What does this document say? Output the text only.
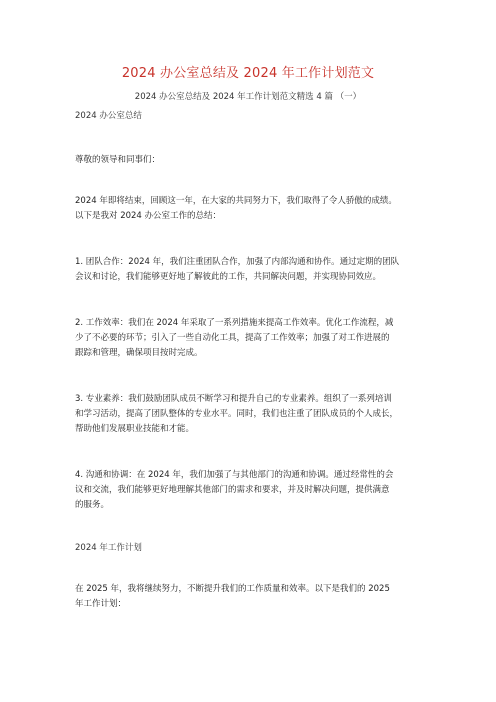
2024 办公室总结及 2024 年工作计划范文
2024 办公室总结及 2024 年工作计划范文精选 4 篇 （一）
2024 办公室总结
尊敬的领导和同事们：
2024 年即将结束，回顾这一年，在大家的共同努力下，我们取得了令人骄傲的成绩。
以下是我对 2024 办公室工作的总结：
1. 团队合作：2024 年，我们注重团队合作，加强了内部沟通和协作。通过定期的团队
会议和讨论，我们能够更好地了解彼此的工作，共同解决问题，并实现协同效应。
2. 工作效率：我们在 2024 年采取了一系列措施来提高工作效率。优化工作流程，减
少了不必要的环节；引入了一些自动化工具，提高了工作效率；加强了对工作进展的
跟踪和管理，确保项目按时完成。
3. 专业素养：我们鼓励团队成员不断学习和提升自己的专业素养。组织了一系列培训
和学习活动，提高了团队整体的专业水平。同时，我们也注重了团队成员的个人成长，
帮助他们发展职业技能和才能。
4. 沟通和协调：在 2024 年，我们加强了与其他部门的沟通和协调。通过经常性的会
议和交流，我们能够更好地理解其他部门的需求和要求，并及时解决问题，提供满意
的服务。
2024 年工作计划
在 2025 年，我将继续努力，不断提升我们的工作质量和效率。以下是我们的 2025
年工作计划：
